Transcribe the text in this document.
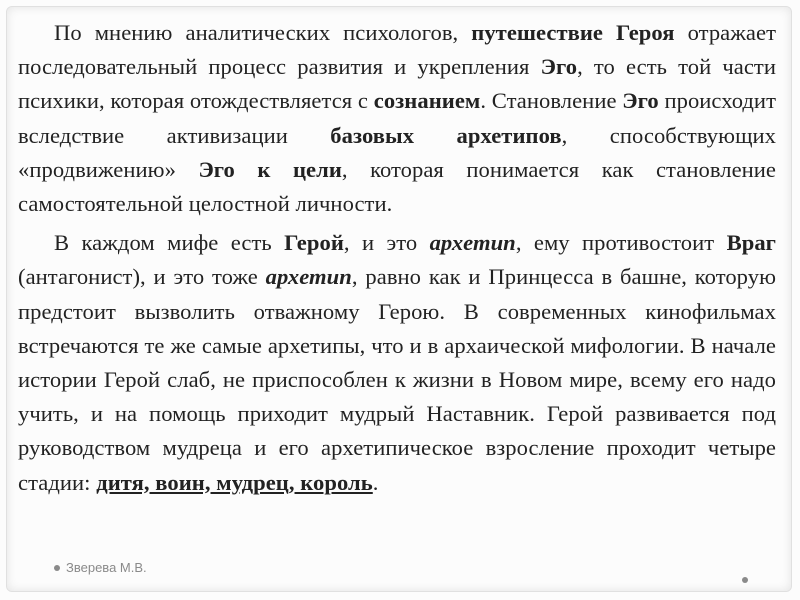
По мнению аналитических психологов, путешествие Героя отражает последовательный процесс развития и укрепления Эго, то есть той части психики, которая отождествляется с сознанием. Становление Эго происходит вследствие активизации базовых архетипов, способствующих «продвижению» Эго к цели, которая понимается как становление самостоятельной целостной личности.

В каждом мифе есть Герой, и это архетип, ему противостоит Враг (антагонист), и это тоже архетип, равно как и Принцесса в башне, которую предстоит вызволить отважному Герою. В современных кинофильмах встречаются те же самые архетипы, что и в архаической мифологии. В начале истории Герой слаб, не приспособлен к жизни в Новом мире, всему его надо учить, и на помощь приходит мудрый Наставник. Герой развивается под руководством мудреца и его архетипическое взросление проходит четыре стадии: дитя, воин, мудрец, король.

Зверева М.В.
